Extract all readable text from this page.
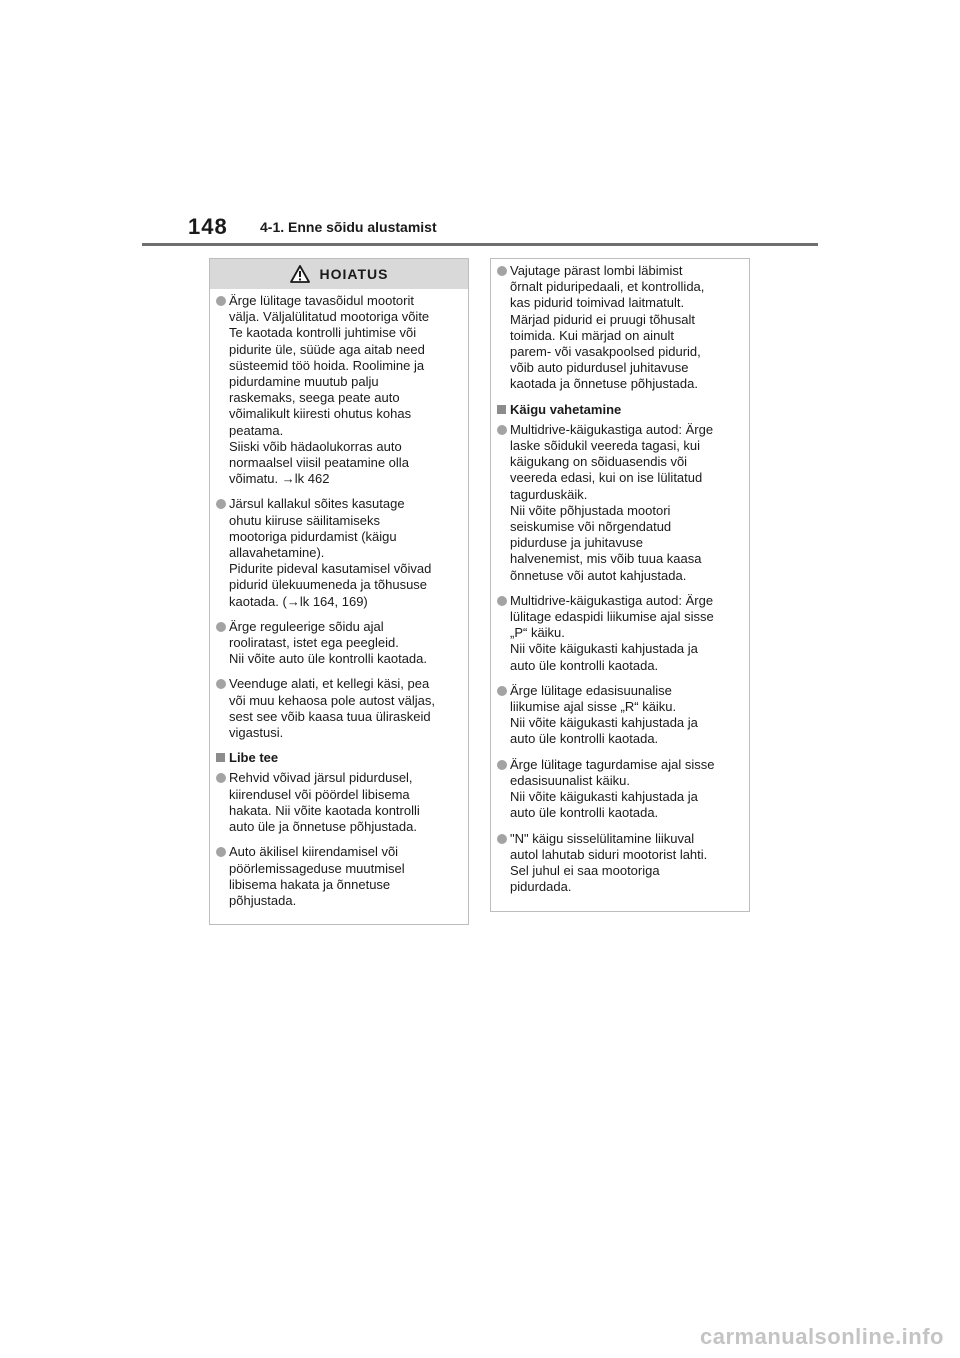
148 4-1. Enne sõidu alustamist
HOIATUS
Ärge lülitage tavasõidul mootorit
välja. Väljalülitatud mootoriga võite
Te kaotada kontrolli juhtimise või
pidurite üle, süüde aga aitab need
süsteemid töö hoida. Roolimine ja
pidurdamine muutub palju
raskemaks, seega peate auto
võimalikult kiiresti ohutus kohas
peatama.
Siiski võib hädaolukorras auto
normaalsel viisil peatamine olla
võimatu. →lk 462
Järsul kallakul sõites kasutage
ohutu kiiruse säilitamiseks
mootoriga pidurdamist (käigu
allavahetamine).
Pidurite pideval kasutamisel võivad
pidurid ülekuumeneda ja tõhususe
kaotada. (→lk 164, 169)
Ärge reguleerige sõidu ajal
rooliratast, istet ega peegleid.
Nii võite auto üle kontrolli kaotada.
Veenduge alati, et kellegi käsi, pea
või muu kehaosa pole autost väljas,
sest see võib kaasa tuua üliraskeid
vigastusi.
Libe tee
Rehvid võivad järsul pidurdusel,
kiirendusel või pöördel libisema
hakata. Nii võite kaotada kontrolli
auto üle ja õnnetuse põhjustada.
Auto äkilisel kiirendamisel või
pöörlemissageduse muutmisel
libisema hakata ja õnnetuse
põhjustada.
Vajutage pärast lombi läbimist
õrnalt piduripedaali, et kontrollida,
kas pidurid toimivad laitmatult.
Märjad pidurid ei pruugi tõhusalt
toimida. Kui märjad on ainult
parem- või vasakpoolsed pidurid,
võib auto pidurdusel juhitavuse
kaotada ja õnnetuse põhjustada.
Käigu vahetamine
Multidrive-käigukastiga autod: Ärge
laske sõidukil veereda tagasi, kui
käigukang on sõiduasendis või
veereda edasi, kui on ise lülitatud
tagurduskäik.
Nii võite põhjustada mootori
seiskumise või nõrgendatud
pidurduse ja juhitavuse
halvenemist, mis võib tuua kaasa
õnnetuse või autot kahjustada.
Multidrive-käigukastiga autod: Ärge
lülitage edaspidi liikumise ajal sisse
„P“ käiku.
Nii võite käigukasti kahjustada ja
auto üle kontrolli kaotada.
Ärge lülitage edasisuunalise
liikumise ajal sisse „R“ käiku.
Nii võite käigukasti kahjustada ja
auto üle kontrolli kaotada.
Ärge lülitage tagurdamise ajal sisse
edasisuunalist käiku.
Nii võite käigukasti kahjustada ja
auto üle kontrolli kaotada.
"N" käigu sisselülitamine liikuval
autol lahutab siduri mootorist lahti.
Sel juhul ei saa mootoriga
pidurdada.
carmanualsonline.info
